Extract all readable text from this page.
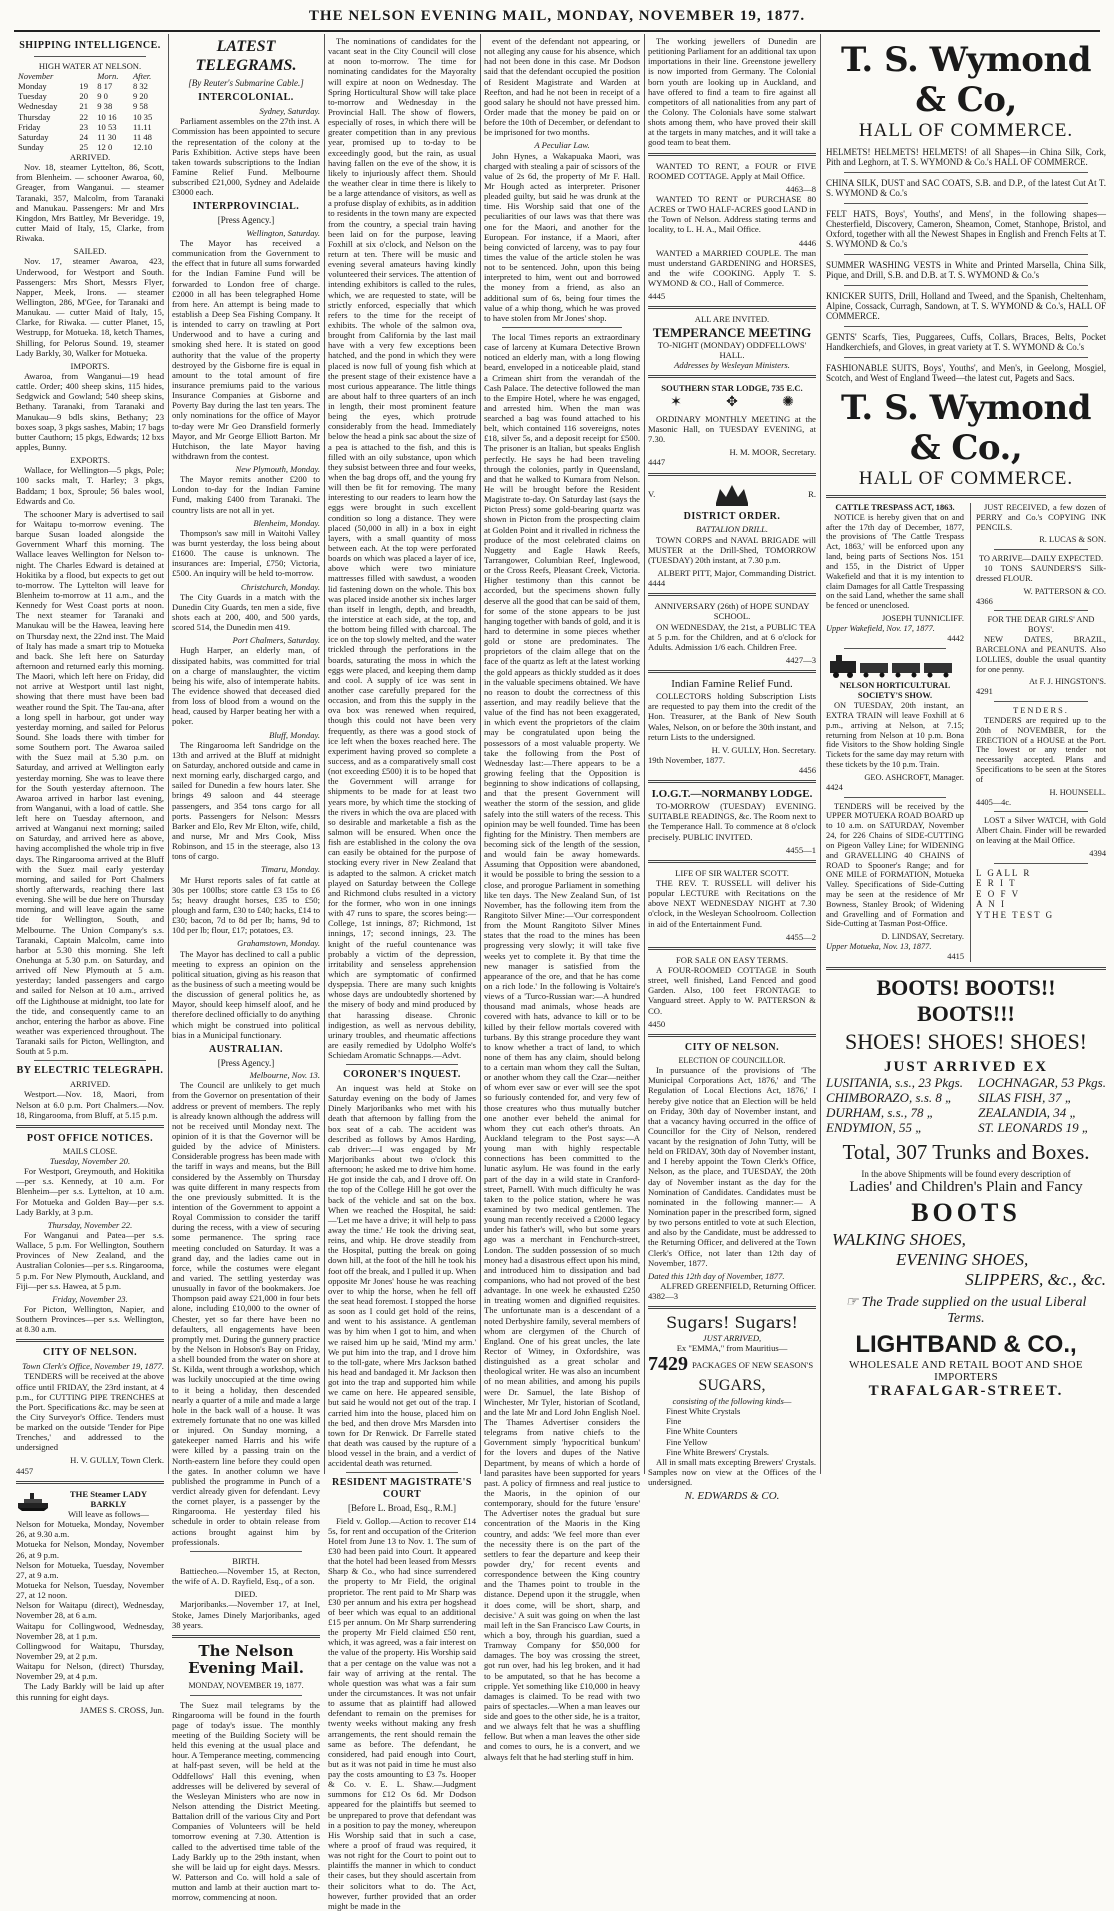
THE NELSON EVENING MAIL, MONDAY, NOVEMBER 19, 1877.
SHIPPING INTELLIGENCE.
HIGH WATER AT NELSON.
November		Morn.	After.
Monday	19	8 17	8 32
Tuesday	20	9 0	9 20
Wednesday	21	9 38	9 58
Thursday	22	10 16	10 35
Friday	23	10 53	11.11
Saturday	24	11 30	11 48
Sunday	25	12 0	12.10
ARRIVED.

Nov. 18, steamer Lyttelton, 86, Scott, from Blenheim. — schooner Awaroa, 60, Greager, from Wanganui. — steamer Taranaki, 357, Malcolm, from Taranaki and Manukau. Passengers: Mr and Mrs Kingdon, Mrs Battley, Mr Beveridge. 19, cutter Maid of Italy, 15, Clarke, from Riwaka.

SAILED.

Nov. 17, steamer Awaroa, 423, Underwood, for Westport and South. Passengers: Mrs Short, Messrs Flyer, Napper, Meek, Irons. — steamer Wellington, 286, M'Gee, for Taranaki and Manukau. — cutter Maid of Italy, 15, Clarke, for Riwaka. — cutter Planet, 15, Westrupp, for Motueka. 18, ketch Thames, Shilling, for Pelorus Sound. 19, steamer Lady Barkly, 30, Walker for Motueka.

IMPORTS.

Awaroa, from Wanganui—19 head cattle. Order; 400 sheep skins, 115 hides, Sedgwick and Gowland; 540 sheep skins, Bethany. Taranaki, from Taranaki and Manukau—9 bdls skins, Bethany; 23 boxes soap, 3 pkgs sashes, Mabin; 17 bags butter Cauthorn; 15 pkgs, Edwards; 12 bxs apples, Bunny.

EXPORTS.

Wallace, for Wellington—5 pkgs, Pole; 100 sacks malt, T. Harley; 3 pkgs, Baddam; 1 box, Sproule; 56 bales wool, Edwards and Co.

The schooner Mary is advertised to sail for Waitapu to-morrow evening. The barque Susan loaded alongside the Government Wharf this morning. The Wallace leaves Wellington for Nelson to-night. The Charles Edward is detained at Hokitika by a flood, but expects to get out to-morrow. The Lyttelton will leave for Blenheim to-morrow at 11 a.m., and the Kennedy for West Coast ports at noon. The next steamer for Taranaki and Manukau will be the Hawea, leaving here on Thursday next, the 22nd inst. The Maid of Italy has made a smart trip to Motueka and back. She left here on Saturday afternoon and returned early this morning. The Maori, which left here on Friday, did not arrive at Westport until last night, showing that there must have been bad weather round the Spit. The Tau-ana, after a long spell in harbour, got under way yesterday morning, and sailed for Pelorus Sound. She loads there with timber for some Southern port. The Awaroa sailed with the Suez mail at 5.30 p.m. on Saturday, and arrived at Wellington early yesterday morning. She was to leave there for the South yesterday afternoon. The Awaroa arrived in harbor last evening, from Wanganui, with a load of cattle. She left here on Tuesday afternoon, and arrived at Wanganui next morning; sailed on Saturday, and arrived here as above, having accomplished the whole trip in five days. The Ringarooma arrived at the Bluff with the Suez mail early yesterday morning, and sailed for Port Chalmers shortly afterwards, reaching there last evening. She will be due here on Thursday morning, and will leave again the same tide for Wellington, South, and Melbourne. The Union Company's s.s. Taranaki, Captain Malcolm, came into harbor at 5.30 this morning. She left Onehunga at 5.30 p.m. on Saturday, and arrived off New Plymouth at 5 a.m. yesterday; landed passengers and cargo and sailed for Nelson at 10 a.m., arrived off the Lighthouse at midnight, too late for the tide, and consequently came to an anchor, entering the harbor as above. Fine weather was experienced throughout. The Taranaki sails for Picton, Wellington, and South at 5 p.m.

BY ELECTRIC TELEGRAPH.
ARRIVED.

Westport.—Nov. 18, Maori, from Nelson at 6.0 p.m. Port Chalmers.—Nov. 18, Ringarooma, from Bluff, at 5.15 p.m.

POST OFFICE NOTICES.
MAILS CLOSE.
Tuesday, November 20.

For Westport, Greymouth, and Hokitika—per s.s. Kennedy, at 10 a.m. For Blenheim—per s.s. Lyttelton, at 10 a.m. For Motueka and Golden Bay—per s.s. Lady Barkly, at 3 p.m.

Thursday, November 22.

For Wanganui and Patea—per s.s. Wallace, 5 p.m. For Wellington, Southern Provinces of New Zealand, and the Australian Colonies—per s.s. Ringarooma, 5 p.m. For New Plymouth, Auckland, and Fiji—per s.s. Hawea, at 5 p.m.

Friday, November 23.

For Picton, Wellington, Napier, and Southern Provinces—per s.s. Wellington, at 8.30 a.m.

CITY OF NELSON.
Town Clerk's Office, November 19, 1877.

TENDERS will be received at the above office until FRIDAY, the 23rd instant, at 4 p.m., for CUTTING PIPE TRENCHES at the Port. Specifications &c. may be seen at the City Surveyor's Office. Tenders must be marked on the outside 'Tender for Pipe Trenches,' and addressed to the undersigned

H. V. GULLY, Town Clerk.
4457
THE Steamer LADY BARKLY
Will leave as follows—
Nelson for Motueka, Monday, November 26, at 9.30 a.m.
Motueka for Nelson, Monday, November 26, at 9 p.m.
Nelson for Motueka, Tuesday, November 27, at 9 a.m.
Motueka for Nelson, Tuesday, November 27, at 12 noon.
Nelson for Waitapu (direct), Wednesday, November 28, at 6 a.m.
Waitapu for Collingwood, Wednesday, November 28, at 1 p.m.
Collingwood for Waitapu, Thursday, November 29, at 2 p.m.
Waitapu for Nelson, (direct) Thursday, November 29, at 4 p.m.

The Lady Barkly will be laid up after this running for eight days.

JAMES S. CROSS, Jun.
LATEST TELEGRAMS.
[By Reuter's Submarine Cable.]
INTERCOLONIAL.
Sydney, Saturday.

Parliament assembles on the 27th inst. A Commission has been appointed to secure the representation of the colony at the Paris Exhibition. Active steps have been taken towards subscriptions to the Indian Famine Relief Fund. Melbourne subscribed £21,000, Sydney and Adelaide £3000 each.

INTERPROVINCIAL.
[Press Agency.]
Wellington, Saturday.

The Mayor has received a communication from the Government to the effect that in future all sums forwarded for the Indian Famine Fund will be forwarded to London free of charge. £2000 in all has been telegraphed Home from here. An attempt is being made to establish a Deep Sea Fishing Company. It is intended to carry on trawling at Port Underwood and to have a curing and smoking shed here. It is stated on good authority that the value of the property destroyed by the Gisborne fire is equal in amount to the total amount of fire insurance premiums paid to the various Insurance Companies at Gisborne and Poverty Bay during the last ten years. The only nominations for the office of Mayor to-day were Mr Geo Dransfield formerly Mayor, and Mr George Elliott Barton. Mr Hutchison, the late Mayor having withdrawn from the contest.

New Plymouth, Monday.

The Mayor remits another £200 to London to-day for the Indian Famine Fund, making £400 from Taranaki. The country lists are not all in yet.

Blenheim, Monday.

Thompson's saw mill in Waitohi Valley was burnt yesterday, the loss being about £1600. The cause is unknown. The insurances are: Imperial, £750; Victoria, £500. An inquiry will be held to-morrow.

Christchurch, Monday.

The City Guards in a match with the Dunedin City Guards, ten men a side, five shots each at 200, 400, and 500 yards, scored 514, the Dunedin men 419.

Port Chalmers, Saturday.

Hugh Harper, an elderly man, of dissipated habits, was committed for trial on a charge of manslaughter, the victim being his wife, also of intemperate habits. The evidence showed that deceased died from loss of blood from a wound on the head, caused by Harper beating her with a poker.

Bluff, Monday.

The Ringarooma left Sandridge on the 13th and arrived at the Bluff at midnight on Saturday, anchored outside and came in next morning early, discharged cargo, and sailed for Dunedin a few hours later. She brings 49 saloon and 44 steerage passengers, and 354 tons cargo for all ports. Passengers for Nelson: Messrs Barker and Elo, Rev Mr Elton, wife, child, and nurse, Mr and Mrs Cook, Miss Robinson, and 15 in the steerage, also 13 tons of cargo.

Timaru, Monday.

Mr Hurst reports sales of fat cattle at 30s per 100lbs; store cattle £3 15s to £6 5s; heavy draught horses, £35 to £50; plough and farm, £30 to £40; hacks, £14 to £30; bacon, 7d to 8d per lb; hams, 9d to 10d per lb; flour, £17; potatoes, £3.

Grahamstown, Monday.

The Mayor has declined to call a public meeting to express an opinion on the political situation, giving as his reason that as the business of such a meeting would be the discussion of general politics he, as Mayor, should keep himself aloof, and he therefore declined officially to do anything which might be construed into political bias in a Municipal functionary.

AUSTRALIAN.
[Press Agency.]
Melbourne, Nov. 13.

The Council are unlikely to get much from the Governor on presentation of their address or prevent of members. The reply is already known although the address will not be received until Monday next. The opinion of it is that the Governor will be guided by the advice of Ministers. Considerable progress has been made with the tariff in ways and means, but the Bill considered by the Assembly on Thursday was quite different in many respects from the one previously submitted. It is the intention of the Government to appoint a Royal Commission to consider the tariff during the recess, with a view of securing some permanence. The spring race meeting concluded on Saturday. It was a grand day, and the ladies came out in force, while the costumes were elegant and varied. The settling yesterday was unusually in favor of the bookmakers. Joe Thompson paid away £21,000 in four bets alone, including £10,000 to the owner of Chester, yet so far there have been no defaulters, all engagements have been promptly met. During the gunnery practice by the Nelson in Hobson's Bay on Friday, a shell bounded from the water on shore at St. Kilda, went through a workshop, which was luckily unoccupied at the time owing to it being a holiday, then descended nearly a quarter of a mile and made a large hole in the back wall of a house. It was extremely fortunate that no one was killed or injured. On Sunday morning, a gatekeeper named Harris and his wife were killed by a passing train on the North-eastern line before they could open the gates. In another column we have published the programme in Punch of a verdict already given for defendant. Levy the cornet player, is a passenger by the Ringarooma. He yesterday filed his schedule in order to obtain release from actions brought against him by professionals.

BIRTH.

Battiecheo.—November 15, at Recton, the wife of A. D. Rayfield, Esq., of a son.

DIED.

Marjoribanks.—November 17, at Inel, Stoke, James Dinely Marjoribanks, aged 38 years.

The Nelson Evening Mail.
MONDAY, NOVEMBER 19, 1877.

The Suez mail telegrams by the Ringarooma will be found in the fourth page of today's issue. The monthly meeting of the Building Society will be held this evening at the usual place and hour. A Temperance meeting, commencing at half-past seven, will be held at the Oddfellows' Hall this evening, when addresses will be delivered by several of the Wesleyan Ministers who are now in Nelson attending the District Meeting. Battalion drill of the various City and Port Companies of Volunteers will be held tomorrow evening at 7.30. Attention is called to the advertised time table of the Lady Barkly up to the 29th instant, when she will be laid up for eight days. Messrs. W. Patterson and Co. will hold a sale of mutton and lamb at their auction mart to-morrow, commencing at noon.

The nominations of candidates for the vacant seat in the City Council will close at noon to-morrow. The time for nominating candidates for the Mayoralty will expire at noon on Wednesday. The Spring Horticultural Show will take place to-morrow and Wednesday in the Provincial Hall. The show of flowers, especially of roses, in which there will be greater competition than in any previous year, promised up to to-day to be exceedingly good, but the rain, as usual having fallen on the eve of the show, it is likely to injuriously affect them. Should the weather clear in time there is likely to be a large attendance of visitors, as well as a profuse display of exhibits, as in addition to residents in the town many are expected from the country, a special train having been laid on for the purpose, leaving Foxhill at six o'clock, and Nelson on the return at ten. There will be music and evening several amateurs having kindly volunteered their services. The attention of intending exhibitors is called to the rules, which, we are requested to state, will be strictly enforced, especially that which refers to the time for the receipt of exhibits. The whole of the salmon ova, brought from California by the last mail have with a very few exceptions been hatched, and the pond in which they were placed is now full of young fish which at the present stage of their existence have a most curious appearance. The little things are about half to three quarters of an inch in length, their most prominent feature being the eyes, which protrude considerably from the head. Immediately below the head a pink sac about the size of a pea is attached to the fish, and this is filled with an oily substance, upon which they subsist between three and four weeks, when the bag drops off, and the young fry will then be fit for removing. The many interesting to our readers to learn how the eggs were brought in such excellent condition so long a distance. They were placed (50,000 in all) in a box in eight layers, with a small quantity of moss between each. At the top were perforated boards on which was placed a layer of ice, above which were two miniature mattresses filled with sawdust, a wooden lid fastening down on the whole. This box was placed inside another six inches larger than itself in length, depth, and breadth, the interstice at each side, at the top, and the bottom being filled with charcoal. The ice on the top slowly melted, and the water trickled through the perforations in the boards, saturating the moss in which the eggs were placed, and keeping them damp and cool. A supply of ice was sent in another case carefully prepared for the occasion, and from this the supply in the ova box was renewed when required, though this could not have been very frequently, as there was a good stock of ice left when the boxes reached here. The experiment having proved so complete a success, and as a comparatively small cost (not exceeding £500) it is to be hoped that the Government will arrange for shipments to be made for at least two years more, by which time the stocking of the rivers in which the ova are placed with so desirable and marketable a fish as the salmon will be ensured. When once the fish are established in the colony the ova can easily be obtained for the purpose of stocking every river in New Zealand that is adapted to the salmon. A cricket match played on Saturday between the College and Richmond clubs resulted in a victory for the former, who won in one innings with 47 runs to spare, the scores being:—College, 1st innings, 87; Richmond, 1st innings, 17; second innings, 23. The knight of the rueful countenance was probably a victim of the depression, irritability and senseless apprehension which are symptomatic of confirmed dyspepsia. There are many such knights whose days are undoubtedly shortened by the misery of body and mind produced by that harassing disease. Chronic indigestion, as well as nervous debility, urinary troubles, and rheumatic affections are easily remedied by Udolpho Wolfe's Schiedam Aromatic Schnapps.—Advt.

CORONER'S INQUEST.

An inquest was held at Stoke on Saturday evening on the body of James Dinely Marjoribanks who met with his death that afternoon by falling from the box seat of a cab. The accident was described as follows by Amos Harding, cab driver:—I was engaged by Mr Marjoribanks about two o'clock this afternoon; he asked me to drive him home. He got inside the cab, and I drove off. On the top of the College Hill he got over the back of the vehicle and sat on the box. When we reached the Hospital, he said:—'Let me have a drive; it will help to pass away the time.' He took the driving seat, reins, and whip. He drove steadily from the Hospital, putting the break on going down hill, at the foot of the hill he took his foot off the break, and I pulled it up. When opposite Mr Jones' house he was reaching over to whip the horse, when he fell off the seat head foremost. I stopped the horse as soon as I could get hold of the reins, and went to his assistance. A gentleman was by him when I got to him, and when we raised him up he said, 'Mind my arm.' We put him into the trap, and I drove him to the toll-gate, where Mrs Jackson bathed his head and bandaged it. Mr Jackson then got into the trap and supported him while we came on here. He appeared sensible, but said he would not get out of the trap. I carried him into the house, placed him on the bed, and then drove Mrs Marsden into town for Dr Renwick. Dr Farrelle stated that death was caused by the rupture of a blood vessel in the brain, and a verdict of accidental death was returned.

RESIDENT MAGISTRATE'S COURT
[Before L. Broad, Esq., R.M.]

Field v. Gollop.—Action to recover £14 5s, for rent and occupation of the Criterion Hotel from June 13 to Nov. 1. The sum of £30 had been paid into Court. It appeared that the hotel had been leased from Messrs Sharp & Co., who had since surrendered the property to Mr Field, the original proprietor. The rent paid to Mr Sharp was £30 per annum and his extra per hogshead of beer which was equal to an additional £15 per annum. On Mr Sharp surrendering the property Mr Field claimed £50 rent, which, it was agreed, was a fair interest on the value of the property. His Worship said that a per centage on the value was not a fair way of arriving at the rental. The whole question was what was a fair sum under the circumstances. It was not unfair to assume that as plaintiff had allowed defendant to remain on the premises for twenty weeks without making any fresh arrangements, the rent should remain the same as before. The defendant, he considered, had paid enough into Court, but as it was not paid in time he must also pay the costs amounting to £3 7s. Hooper & Co. v. E. L. Shaw.—Judgment summons for £12 Os 6d. Mr Dodson appeared for the plaintiffs but seemed to be unprepared to prove that defendant was in a position to pay the money, whereupon His Worship said that in such a case, where a proof of fraud was required, it was not right for the Court to point out to plaintiffs the manner in which to conduct their cases, but they should ascertain from their solicitors what to do. The Act, however, further provided that an order might be made in the

event of the defendant not appearing, or not alleging any cause for his absence, which had not been done in this case. Mr Dodson said that the defendant occupied the position of Resident Magistrate and Warden at Reefton, and had he not been in receipt of a good salary he should not have pressed him. Order made that the money be paid on or before the 10th of December, or defendant to be imprisoned for two months.

A Peculiar Law.

John Hynes, a Wakapuaka Maori, was charged with stealing a pair of scissors of the value of 2s 6d, the property of Mr F. Hall. Mr Hough acted as interpreter. Prisoner pleaded guilty, but said he was drunk at the time. His Worship said that one of the peculiarities of our laws was that there was one for the Maori, and another for the European. For instance, if a Maori, after being convicted of larceny, was to pay four times the value of the article stolen he was not to be sentenced. John, upon this being interpreted to him, went out and borrowed the money from a friend, as also an additional sum of 6s, being four times the value of a whip thong, which he was proved to have stolen from Mr Jones' shop.

The local Times reports an extraordinary case of larceny at Kumara Detective Brown noticed an elderly man, with a long flowing beard, enveloped in a noticeable plaid, stand a Crimean shirt from the verandah of the Cash Palace. The detective followed the man to the Empire Hotel, where he was engaged, and arrested him. When the man was searched a bag was found attached to his belt, which contained 116 sovereigns, notes £18, silver 5s, and a deposit receipt for £500. The prisoner is an Italian, but speaks English perfectly. He says he had been traveling through the colonies, partly in Queensland, and that he walked to Kumara from Nelson. He will be brought before the Resident Magistrate to-day. On Saturday last (says the Picton Press) some gold-bearing quartz was shown in Picton from the prospecting claim at Golden Point and it rivalled in richness the produce of the most celebrated claims on Nuggetty and Eagle Hawk Reefs, Tarrangower, Columbian Reef, Inglewood, or the Cross Reefs, Pleasant Creek, Victoria. Higher testimony than this cannot be accorded, but the specimens shown fully deserve all the good that can be said of them, for some of the stone appears to be just hanging together with bands of gold, and it is hard to determine in some pieces whether gold or stone are predominates. The proprietors of the claim allege that on the face of the quartz as left at the latest working the gold appears as thickly studded as it does in the valuable specimens obtained. We have no reason to doubt the correctness of this assertion, and may readily believe that the value of the find has not been exaggerated, in which event the proprietors of the claim may be congratulated upon being the possessors of a most valuable property. We take the following from the Post of Wednesday last:—There appears to be a growing feeling that the Opposition is beginning to show indications of collapsing, and that the present Government will weather the storm of the session, and glide safely into the still waters of the recess. This opinion may be well founded. Time has been fighting for the Ministry. Then members are becoming sick of the length of the session, and would fain be away homewards. Assuming that Opposition were abandoned, it would be possible to bring the session to a close, and prorogue Parliament in something like ten days. The New Zealand Sun, of 1st November, has the following item from the Rangitoto Silver Mine:—'Our correspondent from the Mount Rangitoto Silver Mines states that the road to the mines has been progressing very slowly; it will take five weeks yet to complete it. By that time the new manager is satisfied from the appearance of the ore, and that he has come on a rich lode.' In the following is Voltaire's views of a 'Turco-Russian war:—A hundred thousand mad animals, whose heads are covered with hats, advance to kill or to be killed by their fellow mortals covered with turbans. By this strange procedure they want to know whether a tract of land, to which none of them has any claim, should belong to a certain man whom they call the Sultan, or another whom they call the Czar—neither of whom ever saw or ever will see the spot so furiously contended for, and very few of those creatures who thus mutually butcher one another ever beheld the animal for whom they cut each other's throats. An Auckland telegram to the Post says:—A young man with highly respectable connections has been committed to the lunatic asylum. He was found in the early part of the day in a wild state in Cranford-street, Parnell. With much difficulty he was taken to the police station, where he was examined by two medical gentlemen. The young man recently received a £2000 legacy under his father's will, who but some years ago was a merchant in Fenchurch-street, London. The sudden possession of so much money had a disastrous effect upon his mind, and introduced him to dissipation and bad companions, who had not proved of the best advantage. In one week he exhausted £250 in treating women and dignified requisites. The unfortunate man is a descendant of a noted Derbyshire family, several members of whom are clergymen of the Church of England. One of his great uncles, the late Rector of Witney, in Oxfordshire, was distinguished as a great scholar and theological writer. He was also an incumbent of no mean abilities, and among his pupils were Dr. Samuel, the late Bishop of Winchester, Mr Tyler, historian of Scotland, and the late Mr and Lord John English Noel. The Thames Advertiser considers the telegrams from native chiefs to the Government simply 'hypocritical bunkum' for the lovers and dupes of the Native Department, by means of which a horde of land parasites have been supported for years past. A policy of firmness and real justice to the Maoris, in the opinion of our contemporary, should for the future 'ensure' The Advertiser notes the gradual but sure concentration of the Maoris in the King country, and adds: 'We feel more than ever the necessity there is on the part of the settlers to fear the departure and keep their powder dry,' for recent events and correspondence between the King country and the Thames point to trouble in the distance. Depend upon it the struggle, when it does come, will be short, sharp, and decisive.' A suit was going on when the last mail left in the San Francisco Law Courts, in which a boy, through his guardian, sued a Tramway Company for $50,000 for damages. The boy was crossing the street, got run over, had his leg broken, and it had to be amputated, so that he has become a cripple. Yet something like £10,000 in heavy damages is claimed. To be read with two pairs of spectacles.—When a man leaves our side and goes to the other side, he is a traitor, and we always felt that he was a shuffling fellow. But when a man leaves the other side and comes to ours, he is a convert, and we always felt that he had sterling stuff in him.

The working jewellers of Dunedin are petitioning Parliament for an additional tax upon importations in their line. Greenstone jewellery is now imported from Germany. The Colonial born youth are looking up in Auckland, and have offered to find a team to fire against all competitors of all nationalities from any part of the Colony. The Colonials have some stalwart shots among them, who have proved their skill at the targets in many matches, and it will take a good team to beat them.

WANTED TO RENT, a FOUR or FIVE ROOMED COTTAGE. Apply at Mail Office.

4463—8

WANTED TO RENT or PURCHASE 80 ACRES or TWO HALF-ACRES good LAND in the Town of Nelson. Address stating terms and locality, to L. H. A., Mail Office.

4446

WANTED a MARRIED COUPLE. The man must understand GARDENING and HORSES, and the wife COOKING. Apply T. S. WYMOND & CO., Hall of Commerce.

4445
ALL ARE INVITED.
TEMPERANCE MEETING
TO-NIGHT (MONDAY) ODDFELLOWS' HALL.
Addresses by Wesleyan Ministers.
SOUTHERN STAR LODGE, 735 E.C.
✶	✥	✺

ORDINARY MONTHLY MEETING at the Masonic Hall, on TUESDAY EVENING, at 7.30.

H. M. MOOR, Secretary.
4447
V.	R.
DISTRICT ORDER.
BATTALION DRILL.

TOWN CORPS and NAVAL BRIGADE will MUSTER at the Drill-Shed, TOMORROW (TUESDAY) 20th instant, at 7.30 p.m.

ALBERT PITT, Major, Commanding District.
4444
ANNIVERSARY (26th) of HOPE SUNDAY SCHOOL.

ON WEDNESDAY, the 21st, a PUBLIC TEA at 5 p.m. for the Children, and at 6 o'clock for Adults. Admission 1/6 each. Children Free.

4427—3
Indian Famine Relief Fund.

COLLECTORS holding Subscription Lists are requested to pay them into the credit of the Hon. Treasurer, at the Bank of New South Wales, Nelson, on or before the 30th instant, and return Lists to the undersigned.

H. V. GULLY, Hon. Secretary.
19th November, 1877.
4456
I.O.G.T.—NORMANBY LODGE.

TO-MORROW (TUESDAY) EVENING. SUITABLE READINGS, &c. The Room next to the Temperance Hall. To commence at 8 o'clock precisely. PUBLIC INVITED.

4455—1
LIFE OF SIR WALTER SCOTT.

THE REV. T. RUSSELL will deliver his popular LECTURE with Recitations on the above NEXT WEDNESDAY NIGHT at 7.30 o'clock, in the Wesleyan Schoolroom. Collection in aid of the Entertainment Fund.

4455—2
FOR SALE ON EASY TERMS.

A FOUR-ROOMED COTTAGE in South street, well finished, Land Fenced and good Garden. Also, 100 feet FRONTAGE to Vanguard street. Apply to W. PATTERSON & CO.

4450
CITY OF NELSON.
ELECTION OF COUNCILLOR.

In pursuance of the provisions of 'The Municipal Corporations Act, 1876,' and 'The Regulation of Local Elections Act, 1876,' I hereby give notice that an Election will be held on Friday, 30th day of November instant, and that a vacancy having occurred in the office of Councillor for the City of Nelson, rendered vacant by the resignation of John Tutty, will be held on FRIDAY, 30th day of November instant, and I hereby appoint the Town Clerk's Office, Nelson, as the place, and TUESDAY, the 20th day of November instant as the day for the Nomination of Candidates. Candidates must be nominated in the following manner:— A Nomination paper in the prescribed form, signed by two persons entitled to vote at such Election, and also by the Candidate, must be addressed to the Returning Officer, and delivered at the Town Clerk's Office, not later than 12th day of November, 1877.

Dated this 12th day of November, 1877.
ALFRED GREENFIELD, Returning Officer.
4382—3
Sugars! Sugars!
JUST ARRIVED,
Ex "EMMA," from Mauritius—
7429 PACKAGES OF NEW SEASON'S
SUGARS,
consisting of the following kinds—
Finest White Crystals
Fine
Fine White Counters
Fine Yellow
Fine White Brewers' Crystals.

All in small mats excepting Brewers' Crystals. Samples now on view at the Offices of the undersigned.

N. EDWARDS & CO.
T. S. Wymond & Co,
HALL OF COMMERCE.
HELMETS! HELMETS! HELMETS! of all Shapes—in China Silk, Cork, Pith and Leghorn, at T. S. WYMOND & Co.'s HALL OF COMMERCE.
CHINA SILK, DUST and SAC COATS, S.B. and D.P., of the latest Cut At T. S. WYMOND & Co.'s
FELT HATS, Boys', Youths', and Mens', in the following shapes—Chesterfield, Discovery, Cameron, Sheamon, Comet, Stanhope, Bristol, and Oxford, together with all the Newest Shapes in English and French Felts at T. S. WYMOND & Co.'s
SUMMER WASHING VESTS in White and Printed Marsella, China Silk, Pique, and Drill, S.B. and D.B. at T. S. WYMOND & Co.'s
KNICKER SUITS, Drill, Holland and Tweed, and the Spanish, Cheltenham, Alpine, Cossack, Curragh, Sandown, at T. S. WYMOND & Co.'s, HALL OF COMMERCE.
GENTS' Scarfs, Ties, Puggarees, Cuffs, Collars, Braces, Belts, Pocket Handkerchiefs, and Gloves, in great variety at T. S. WYMOND & Co.'s
FASHIONABLE SUITS, Boys', Youths', and Men's, in Geelong, Mosgiel, Scotch, and West of England Tweed—the latest cut, Pagets and Sacs.
T. S. Wymond & Co.,
HALL OF COMMERCE.
CATTLE TRESPASS ACT, 1863.

NOTICE is hereby given that on and after the 17th day of December, 1877, the provisions of 'The Cattle Trespass Act, 1863,' will be enforced upon any land, being parts of Sections Nos. 151 and 155, in the District of Upper Wakefield and that it is my intention to claim Damages for all Cattle Trespassing on the said Land, whether the same shall be fenced or unenclosed.

JOSEPH TUNNICLIFF.
Upper Wakefield, Nov. 17, 1877.
4442
NELSON HORTICULTURAL SOCIETY'S SHOW.

ON TUESDAY, 20th instant, an EXTRA TRAIN will leave Foxhill at 6 p.m., arriving at Nelson, at 7.15; returning from Nelson at 10 p.m. Bona fide Visitors to the Show holding Single Tickets for the same day may return with these tickets by the 10 p.m. Train.

GEO. ASHCROFT, Manager.
4424

TENDERS will be received by the UPPER MOTUEKA ROAD BOARD up to 10 a.m. on SATURDAY, November 24, for 226 Chains of SIDE-CUTTING on Pigeon Valley Line; for WIDENING and GRAVELLING 40 CHAINS of ROAD to Spooner's Range; and for ONE MILE of FORMATION, Motueka Valley. Specifications of Side-Cutting may be seen at the residence of Mr Bowness, Stanley Brook; of Widening and Gravelling and of Formation and Side-Cutting at Tasman Post-Office.

D. LINDSAY, Secretary.
Upper Motueka, Nov. 13, 1877.
4415

JUST RECEIVED, a few dozen of PERRY and Co.'s COPYING INK PENCILS.

R. LUCAS & SON.
TO ARRIVE—DAILY EXPECTED.

10 TONS SAUNDERS'S Silk-dressed FLOUR.

W. PATTERSON & CO.
4366
FOR THE DEAR GIRLS' AND BOYS'.

NEW DATES, BRAZIL, BARCELONA and PEANUTS. Also LOLLIES, double the usual quantity for one penny.

At F. J. HINGSTON'S.
4291
TENDERS.

TENDERS are required up to the 20th of NOVEMBER, for the ERECTION of a HOUSE at the Port. The lowest or any tender not necessarily accepted. Plans and Specifications to be seen at the Stores of

H. HOUNSELL.
4405—4c.

LOST a Silver WATCH, with Gold Albert Chain. Finder will be rewarded on leaving at the Mail Office.

4394
L GALL R
E R I T
E O F V
A N I
YTHE TEST G
BOOTS! BOOTS!! BOOTS!!!
SHOES! SHOES! SHOES!
JUST ARRIVED EX
LUSITANIA, s.s., 23 Pkgs.
CHIMBORAZO, s.s. 8 „
DURHAM, s.s., 78 „
ENDYMION, 55 „
LOCHNAGAR, 53 Pkgs.
SILAS FISH, 37 „
ZEALANDIA, 34 „
ST. LEONARDS 19 „
Total, 307 Trunks and Boxes.
In the above Shipments will be found every description of
Ladies' and Children's Plain and Fancy
BOOTS
WALKING SHOES,
EVENING SHOES,
SLIPPERS, &c., &c.
☞ The Trade supplied on the usual Liberal Terms.
LIGHTBAND & CO.,
WHOLESALE AND RETAIL BOOT AND SHOE IMPORTERS
TRAFALGAR-STREET.
